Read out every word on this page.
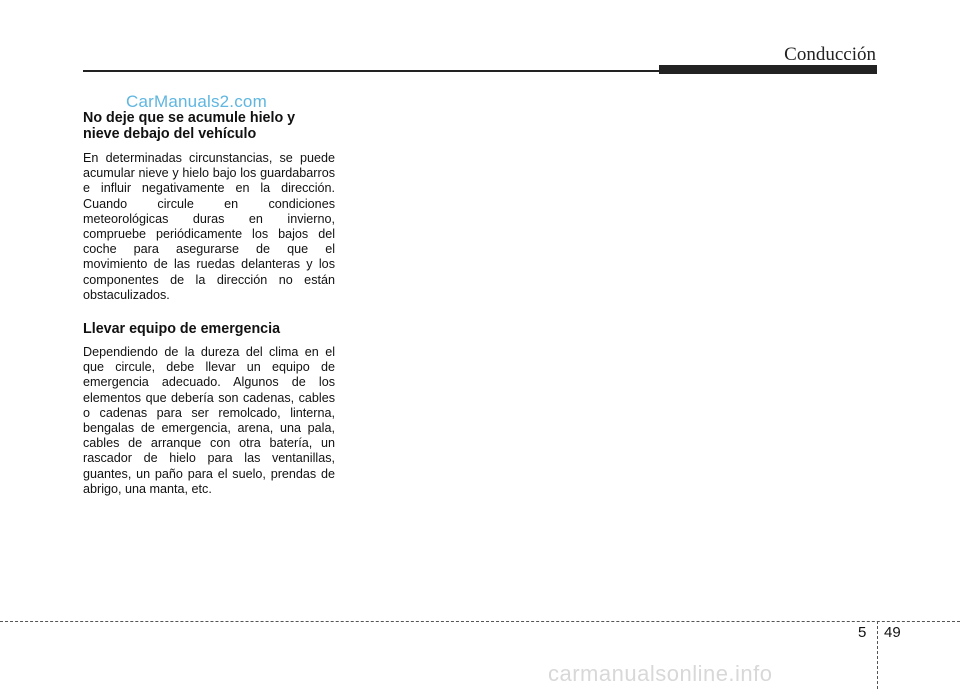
Conducción
CarManuals2.com
No deje que se acumule hielo y nieve debajo del vehículo

En determinadas circunstancias, se puede acumular nieve y hielo bajo los guardabarros e influir negativamente en la dirección. Cuando circule en condiciones meteorológicas duras en invierno, compruebe periódicamente los bajos del coche para asegurarse de que el movimiento de las ruedas delanteras y los componentes de la dirección no están obstaculizados.

Llevar equipo de emergencia

Dependiendo de la dureza del clima en el que circule, debe llevar un equipo de emergencia adecuado. Algunos de los elementos que debería son cadenas, cables o cadenas para ser remolcado, linterna, bengalas de emergencia, arena, una pala, cables de arranque con otra batería, un rascador de hielo para las ventanillas, guantes, un paño para el suelo, prendas de abrigo, una manta, etc.

5 49
carmanualsonline.info
